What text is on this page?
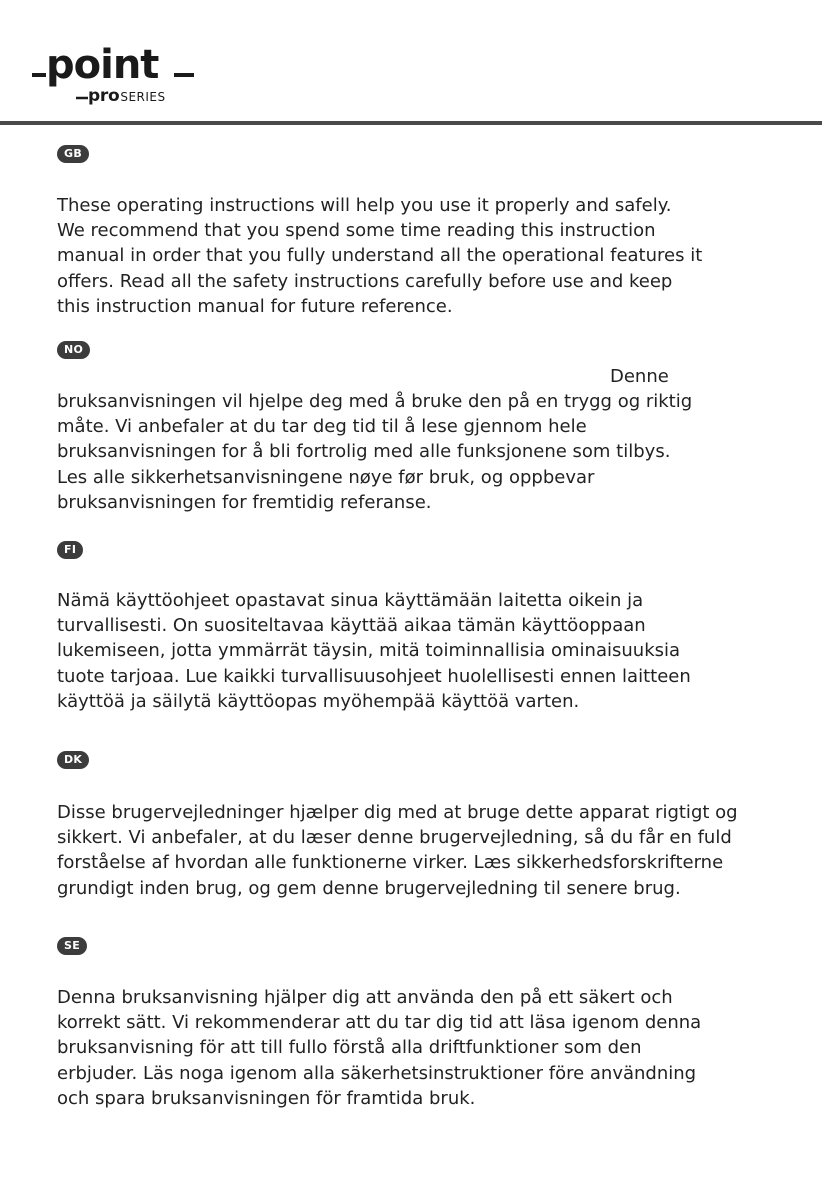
point
proSERIES
GB

These operating instructions will help you use it properly and safely.
We recommend that you spend some time reading this instruction
manual in order that you fully understand all the operational features it
offers. Read all the safety instructions carefully before use and keep
this instruction manual for future reference.

NO

Denne

bruksanvisningen vil hjelpe deg med å bruke den på en trygg og riktig
måte. Vi anbefaler at du tar deg tid til å lese gjennom hele
bruksanvisningen for å bli fortrolig med alle funksjonene som tilbys.
Les alle sikkerhetsanvisningene nøye før bruk, og oppbevar
bruksanvisningen for fremtidig referanse.

FI

Nämä käyttöohjeet opastavat sinua käyttämään laitetta oikein ja
turvallisesti. On suositeltavaa käyttää aikaa tämän käyttöoppaan
lukemiseen, jotta ymmärrät täysin, mitä toiminnallisia ominaisuuksia
tuote tarjoaa. Lue kaikki turvallisuusohjeet huolellisesti ennen laitteen
käyttöä ja säilytä käyttöopas myöhempää käyttöä varten.

DK

Disse brugervejledninger hjælper dig med at bruge dette apparat rigtigt og
sikkert. Vi anbefaler, at du læser denne brugervejledning, så du får en fuld
forståelse af hvordan alle funktionerne virker. Læs sikkerhedsforskrifterne
grundigt inden brug, og gem denne brugervejledning til senere brug.

SE

Denna bruksanvisning hjälper dig att använda den på ett säkert och
korrekt sätt. Vi rekommenderar att du tar dig tid att läsa igenom denna
bruksanvisning för att till fullo förstå alla driftfunktioner som den
erbjuder. Läs noga igenom alla säkerhetsinstruktioner före användning
och spara bruksanvisningen för framtida bruk.
